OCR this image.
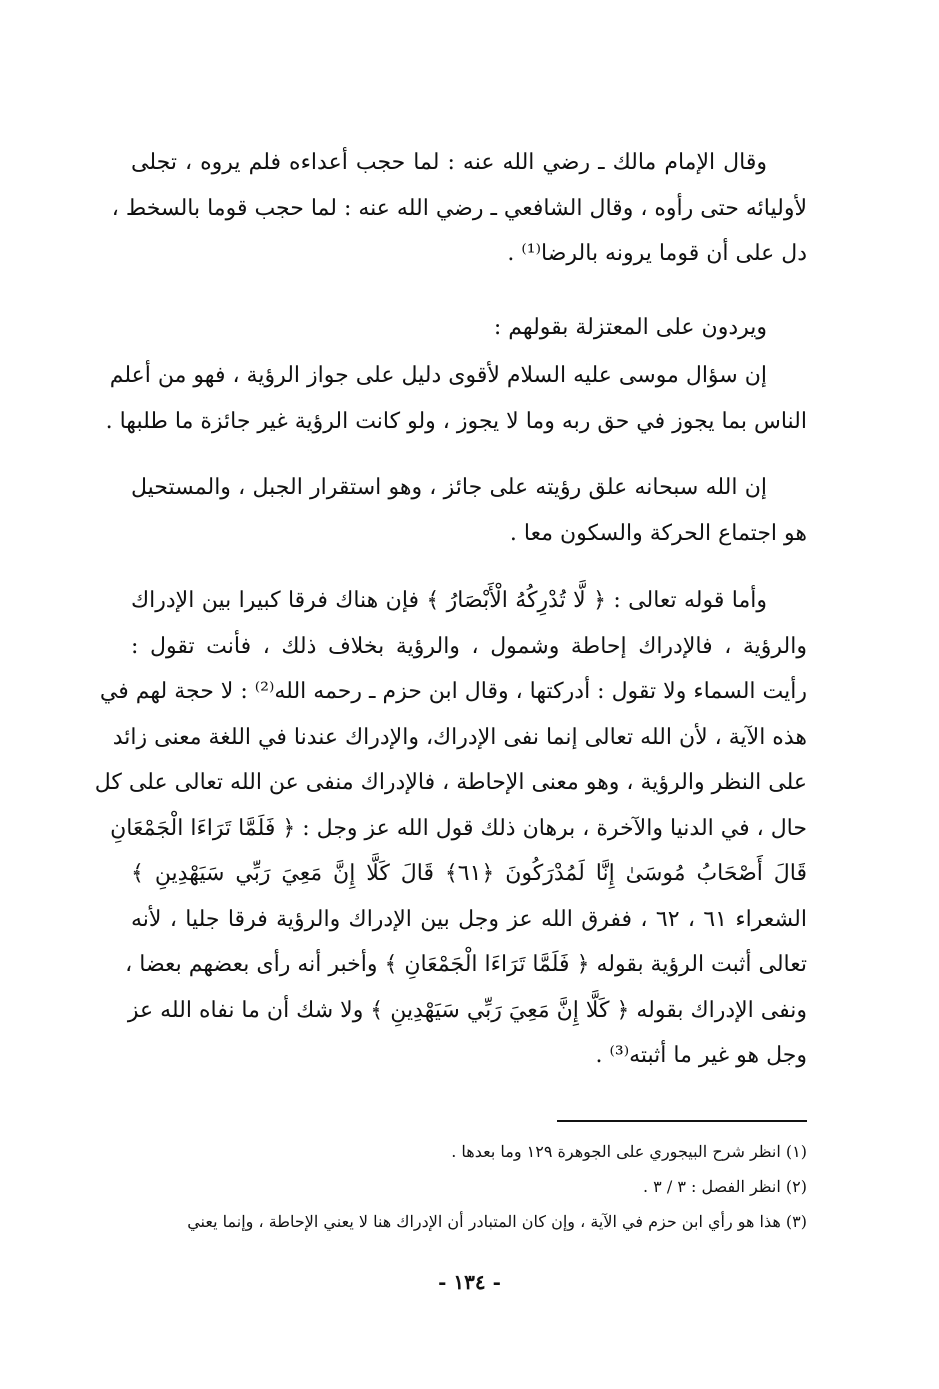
وقال الإمام مالك ـ رضي الله عنه : لما حجب أعداءه فلم يروه ، تجلى
لأوليائه حتى رأوه ، وقال الشافعي ـ رضي الله عنه : لما حجب قوما بالسخط ،
دل على أن قوما يرونه بالرضا⁽¹⁾ .
ويردون على المعتزلة بقولهم :
إن سؤال موسى عليه السلام لأقوى دليل على جواز الرؤية ، فهو من أعلم
الناس بما يجوز في حق ربه وما لا يجوز ، ولو كانت الرؤية غير جائزة ما طلبها .
إن الله سبحانه علق رؤيته على جائز ، وهو استقرار الجبل ، والمستحيل
هو اجتماع الحركة والسكون معا .
وأما قوله تعالى : ﴿ لَّا تُدْرِكُهُ الْأَبْصَارُ ﴾ فإن هناك فرقا كبيرا بين الإدراك
والرؤية ، فالإدراك إحاطة وشمول ، والرؤية بخلاف ذلك ، فأنت تقول :
رأيت السماء ولا تقول : أدركتها ، وقال ابن حزم ـ رحمه الله⁽²⁾ : لا حجة لهم في
هذه الآية ، لأن الله تعالى إنما نفى الإدراك، والإدراك عندنا في اللغة معنى زائد
على النظر والرؤية ، وهو معنى الإحاطة ، فالإدراك منفى عن الله تعالى على كل
حال ، في الدنيا والآخرة ، برهان ذلك قول الله عز وجل : ﴿ فَلَمَّا تَرَاءَا الْجَمْعَانِ
قَالَ أَصْحَابُ مُوسَىٰ إِنَّا لَمُدْرَكُونَ ﴿٦١﴾ قَالَ كَلَّا إِنَّ مَعِيَ رَبِّي سَيَهْدِينِ ﴾
الشعراء ٦١ ، ٦٢ ، ففرق الله عز وجل بين الإدراك والرؤية فرقا جليا ، لأنه
تعالى أثبت الرؤية بقوله ﴿ فَلَمَّا تَرَاءَا الْجَمْعَانِ ﴾ وأخبر أنه رأى بعضهم بعضا ،
ونفى الإدراك بقوله ﴿ كَلَّا إِنَّ مَعِيَ رَبِّي سَيَهْدِينِ ﴾ ولا شك أن ما نفاه الله عز
وجل هو غير ما أثبته⁽³⁾ .
(١) انظر شرح البيجوري على الجوهرة ١٢٩ وما بعدها .
(٢) انظر الفصل : ٣ / ٣ .
(٣) هذا هو رأي ابن حزم في الآية ، وإن كان المتبادر أن الإدراك هنا لا يعني الإحاطة ، وإنما يعني
- ١٣٤ -
